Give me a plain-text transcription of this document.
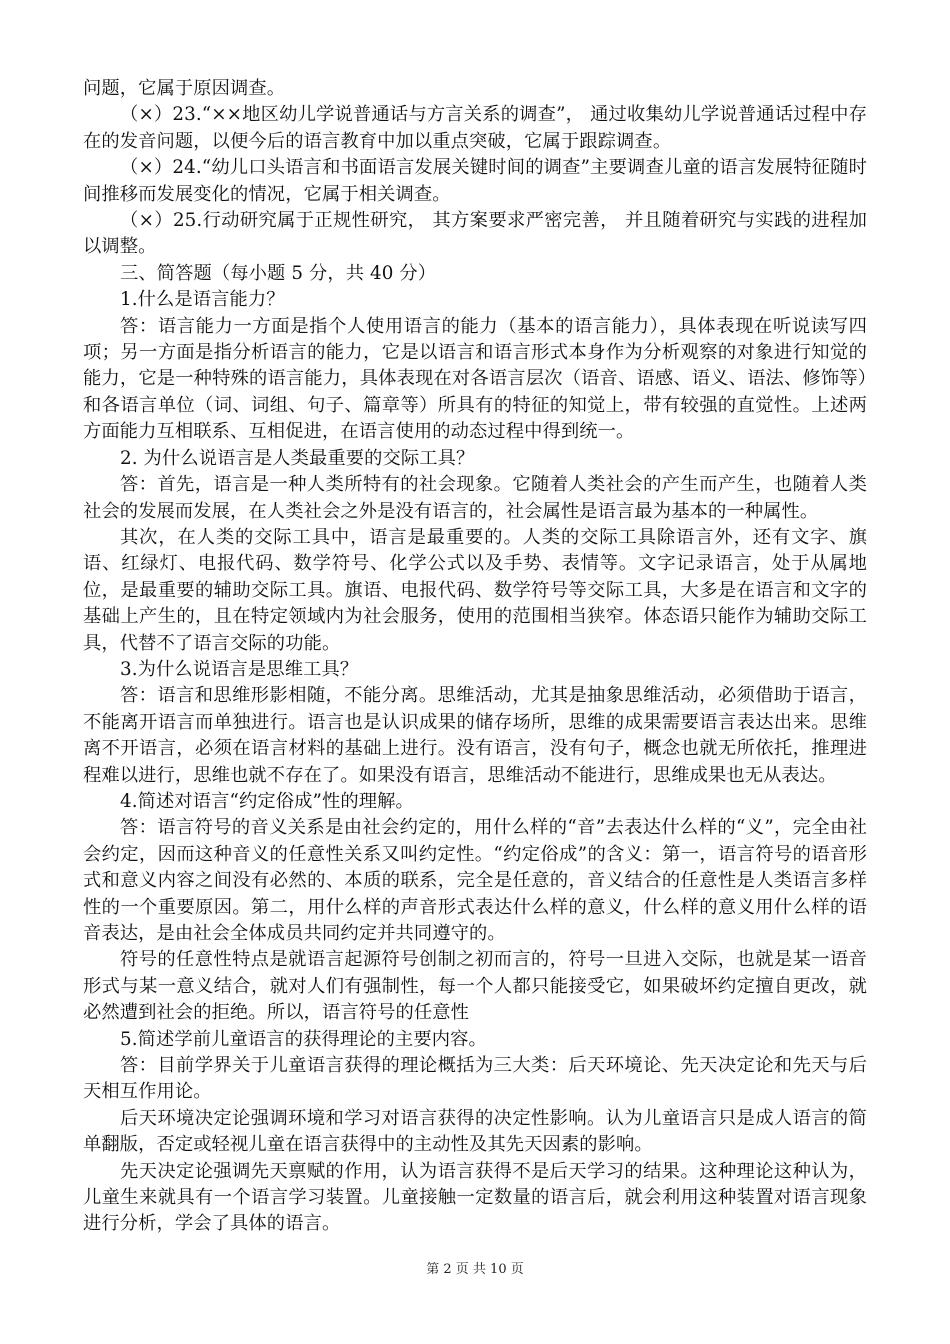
问题，它属于原因调查。

（×）23.“××地区幼儿学说普通话与方言关系的调查”， 通过收集幼儿学说普通话过程中存在的发音问题，以便今后的语言教育中加以重点突破，它属于跟踪调查。

（×）24.“幼儿口头语言和书面语言发展关键时间的调查”主要调查儿童的语言发展特征随时间推移而发展变化的情况，它属于相关调查。

（×）25.行动研究属于正规性研究， 其方案要求严密完善， 并且随着研究与实践的进程加以调整。

三、简答题（每小题 5 分，共 40 分）

1.什么是语言能力？

答：语言能力一方面是指个人使用语言的能力（基本的语言能力），具体表现在听说读写四项；另一方面是指分析语言的能力，它是以语言和语言形式本身作为分析观察的对象进行知觉的能力，它是一种特殊的语言能力，具体表现在对各语言层次（语音、语感、语义、语法、修饰等）和各语言单位（词、词组、句子、篇章等）所具有的特征的知觉上，带有较强的直觉性。上述两方面能力互相联系、互相促进，在语言使用的动态过程中得到统一。

2. 为什么说语言是人类最重要的交际工具？

答：首先，语言是一种人类所特有的社会现象。它随着人类社会的产生而产生，也随着人类社会的发展而发展，在人类社会之外是没有语言的，社会属性是语言最为基本的一种属性。

其次，在人类的交际工具中，语言是最重要的。人类的交际工具除语言外，还有文字、旗语、红绿灯、电报代码、数学符号、化学公式以及手势、表情等。文字记录语言，处于从属地位，是最重要的辅助交际工具。旗语、电报代码、数学符号等交际工具，大多是在语言和文字的基础上产生的，且在特定领域内为社会服务，使用的范围相当狭窄。体态语只能作为辅助交际工具，代替不了语言交际的功能。

3.为什么说语言是思维工具？

答：语言和思维形影相随，不能分离。思维活动，尤其是抽象思维活动，必须借助于语言，不能离开语言而单独进行。语言也是认识成果的储存场所，思维的成果需要语言表达出来。思维离不开语言，必须在语言材料的基础上进行。没有语言，没有句子，概念也就无所依托，推理进程难以进行，思维也就不存在了。如果没有语言，思维活动不能进行，思维成果也无从表达。

4.简述对语言“约定俗成”性的理解。

答：语言符号的音义关系是由社会约定的，用什么样的“音”去表达什么样的“义”，完全由社会约定，因而这种音义的任意性关系又叫约定性。“约定俗成”的含义：第一，语言符号的语音形式和意义内容之间没有必然的、本质的联系，完全是任意的，音义结合的任意性是人类语言多样性的一个重要原因。第二，用什么样的声音形式表达什么样的意义，什么样的意义用什么样的语音表达，是由社会全体成员共同约定并共同遵守的。

符号的任意性特点是就语言起源符号创制之初而言的，符号一旦进入交际，也就是某一语音形式与某一意义结合，就对人们有强制性，每一个人都只能接受它，如果破坏约定擅自更改，就必然遭到社会的拒绝。所以，语言符号的任意性

5.简述学前儿童语言的获得理论的主要内容。

答：目前学界关于儿童语言获得的理论概括为三大类：后天环境论、先天决定论和先天与后天相互作用论。

后天环境决定论强调环境和学习对语言获得的决定性影响。认为儿童语言只是成人语言的简单翻版，否定或轻视儿童在语言获得中的主动性及其先天因素的影响。

先天决定论强调先天禀赋的作用，认为语言获得不是后天学习的结果。这种理论这种认为，儿童生来就具有一个语言学习装置。儿童接触一定数量的语言后，就会利用这种装置对语言现象进行分析，学会了具体的语言。

第 2 页 共 10 页
